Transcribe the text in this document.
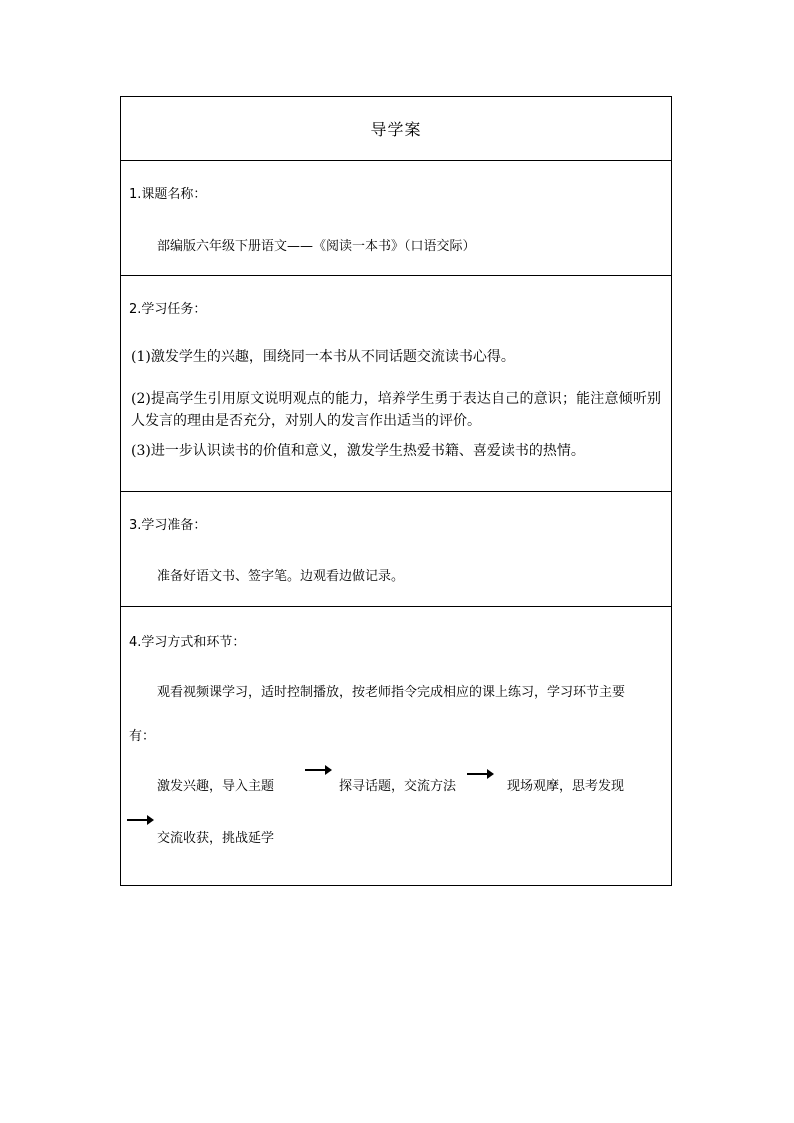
导学案
1.课题名称：
部编版六年级下册语文——《阅读一本书》（口语交际）
2.学习任务：
(1)激发学生的兴趣，围绕同一本书从不同话题交流读书心得。
(2)提高学生引用原文说明观点的能力，培养学生勇于表达自己的意识；能注意倾听别人发言的理由是否充分，对别人的发言作出适当的评价。
(3)进一步认识读书的价值和意义，激发学生热爱书籍、喜爱读书的热情。
3.学习准备：
准备好语文书、签字笔。边观看边做记录。
4.学习方式和环节：
观看视频课学习，适时控制播放，按老师指令完成相应的课上练习，学习环节主要
有：
激发兴趣，导入主题	探寻话题，交流方法	现场观摩，思考发现
交流收获，挑战延学
